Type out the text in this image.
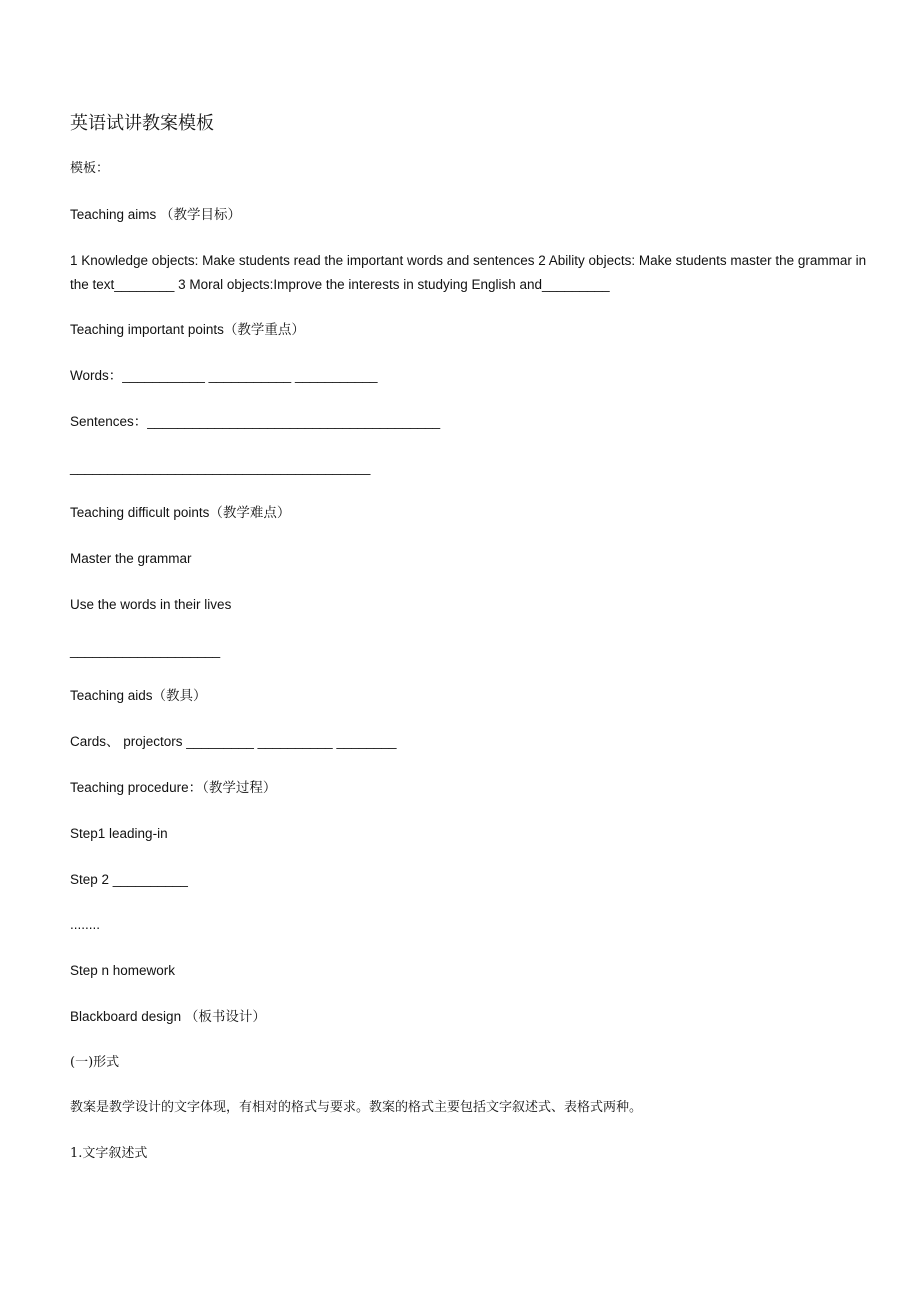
英语试讲教案模板
模板：
Teaching aims （教学目标）
1 Knowledge objects: Make students read the important words and sentences 2 Ability objects: Make students master the grammar in the text________ 3 Moral objects:Improve the interests in studying English and_________
Teaching important points（教学重点）
Words：___________ ___________ ___________
Sentences：_______________________________________
________________________________________
Teaching difficult points（教学难点）
Master the grammar
Use the words in their lives
____________________
Teaching aids（教具）
Cards、 projectors _________ __________ ________
Teaching procedure：（教学过程）
Step1 leading-in
Step 2 __________
........
Step n homework
Blackboard design （板书设计）
(一)形式
教案是教学设计的文字体现，有相对的格式与要求。教案的格式主要包括文字叙述式、表格式两种。
1.文字叙述式
